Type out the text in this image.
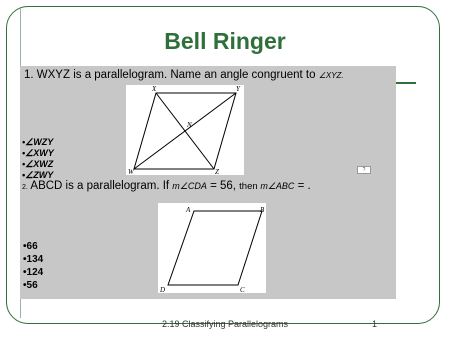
Bell Ringer
1. WXYZ is a parallelogram. Name an angle congruent to ∠XYZ.
X	Y
W	Z
N
•∠WZY
•∠XWY
•∠XWZ
•∠ZWY	?
2. ABCD is a parallelogram. If m∠CDA = 56, then m∠ABC = .
A	B
C
D
•66
•134
•124
•56
2.19 Classifying Parallelograms	1
